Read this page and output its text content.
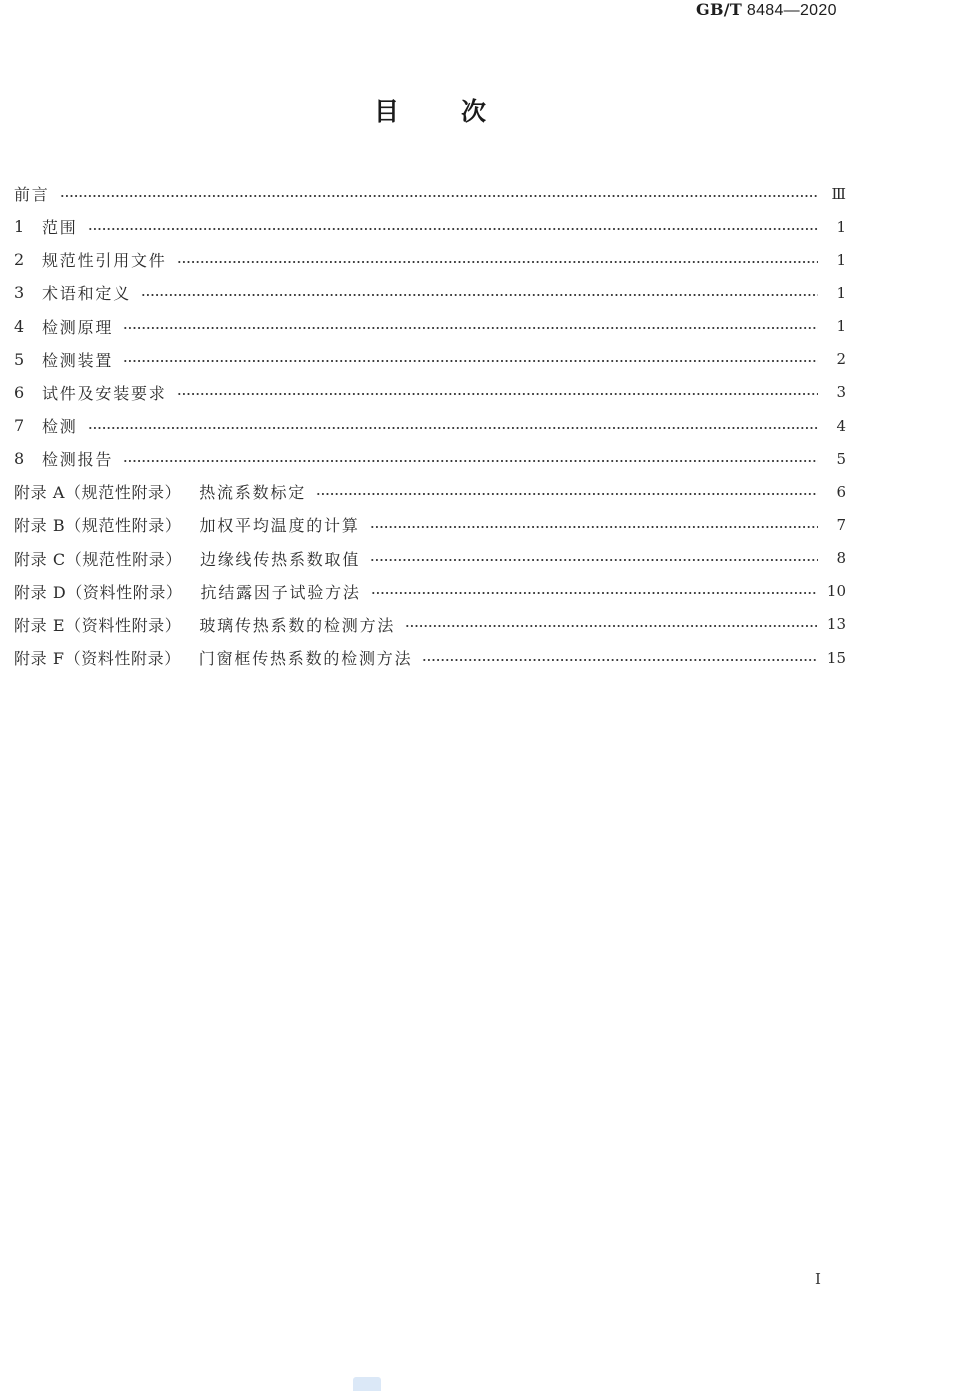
GB/T 8484—2020
目 次
前言	Ⅲ
1	范围	1
2	规范性引用文件	1
3	术语和定义	1
4	检测原理	1
5	检测装置	2
6	试件及安装要求	3
7	检测	4
8	检测报告	5
附录 A（规范性附录） 热流系数标定	6
附录 B（规范性附录） 加权平均温度的计算	7
附录 C（规范性附录） 边缘线传热系数取值	8
附录 D（资料性附录） 抗结露因子试验方法	10
附录 E（资料性附录） 玻璃传热系数的检测方法	13
附录 F（资料性附录） 门窗框传热系数的检测方法	15
I
